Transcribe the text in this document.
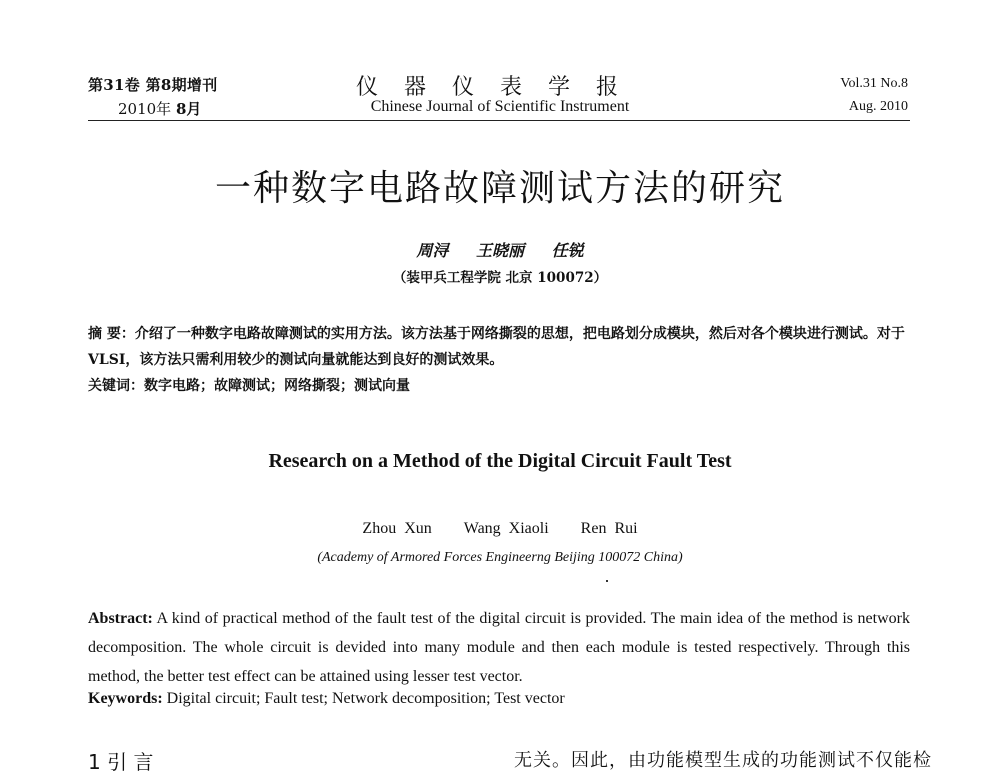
第31卷 第8期增刊
2010年 8月
仪器仪表学报
Chinese Journal of Scientific Instrument
Vol.31 No.8
Aug. 2010
一种数字电路故障测试方法的研究
周浔 王晓丽 任锐
（装甲兵工程学院 北京 100072）
摘 要：介绍了一种数字电路故障测试的实用方法。该方法基于网络撕裂的思想，把电路划分成模块，然后对各个模块进行测试。对于VLSI，该方法只需利用较少的测试向量就能达到良好的测试效果。
关键词：数字电路；故障测试；网络撕裂；测试向量
Research on a Method of the Digital Circuit Fault Test
Zhou Xun Wang Xiaoli Ren Rui
(Academy of Armored Forces Engineerng Beijing 100072 China)
Abstract: A kind of practical method of the fault test of the digital circuit is provided. The main idea of the method is network decomposition. The whole circuit is devided into many module and then each module is tested respectively. Through this method, the better test effect can be attained using lesser test vector.
Keywords: Digital circuit; Fault test; Network decomposition; Test vector
1 引 言	无关。因此，由功能模型生成的功能测试不仅能检
